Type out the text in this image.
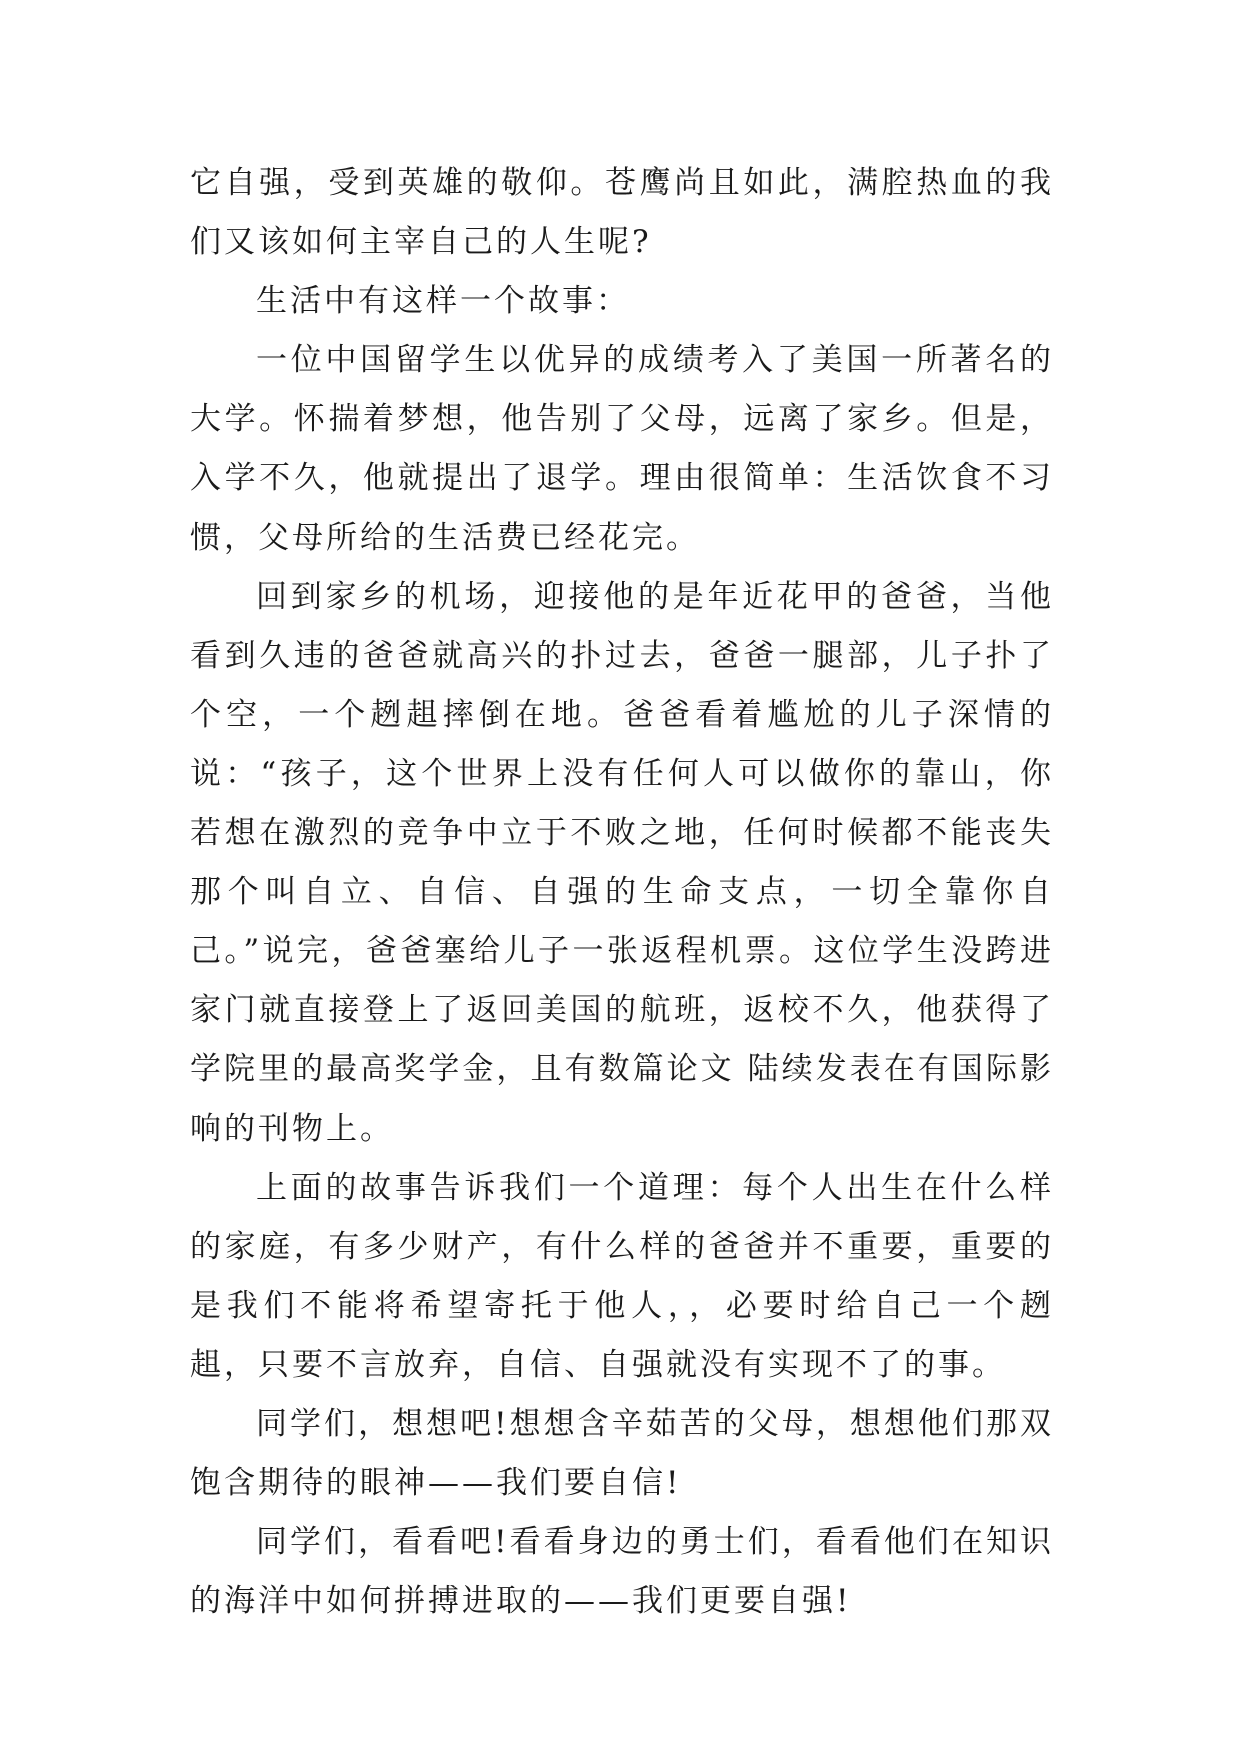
它自强，受到英雄的敬仰。苍鹰尚且如此，满腔热血的我们又该如何主宰自己的人生呢?

生活中有这样一个故事：

一位中国留学生以优异的成绩考入了美国一所著名的大学。怀揣着梦想，他告别了父母，远离了家乡。但是，入学不久，他就提出了退学。理由很简单：生活饮食不习惯，父母所给的生活费已经花完。

回到家乡的机场，迎接他的是年近花甲的爸爸，当他看到久违的爸爸就高兴的扑过去，爸爸一腿部，儿子扑了个空，一个趔趄摔倒在地。爸爸看着尴尬的儿子深情的说：“孩子，这个世界上没有任何人可以做你的靠山，你若想在激烈的竞争中立于不败之地，任何时候都不能丧失那个叫自立、自信、自强的生命支点，一切全靠你自己。”说完，爸爸塞给儿子一张返程机票。这位学生没跨进家门就直接登上了返回美国的航班，返校不久，他获得了学院里的最高奖学金，且有数篇论文 陆续发表在有国际影响的刊物上。

上面的故事告诉我们一个道理：每个人出生在什么样的家庭，有多少财产，有什么样的爸爸并不重要，重要的是我们不能将希望寄托于他人，，必要时给自己一个趔趄，只要不言放弃，自信、自强就没有实现不了的事。

同学们，想想吧!想想含辛茹苦的父母，想想他们那双饱含期待的眼神——我们要自信!

同学们，看看吧!看看身边的勇士们，看看他们在知识的海洋中如何拼搏进取的——我们更要自强!
